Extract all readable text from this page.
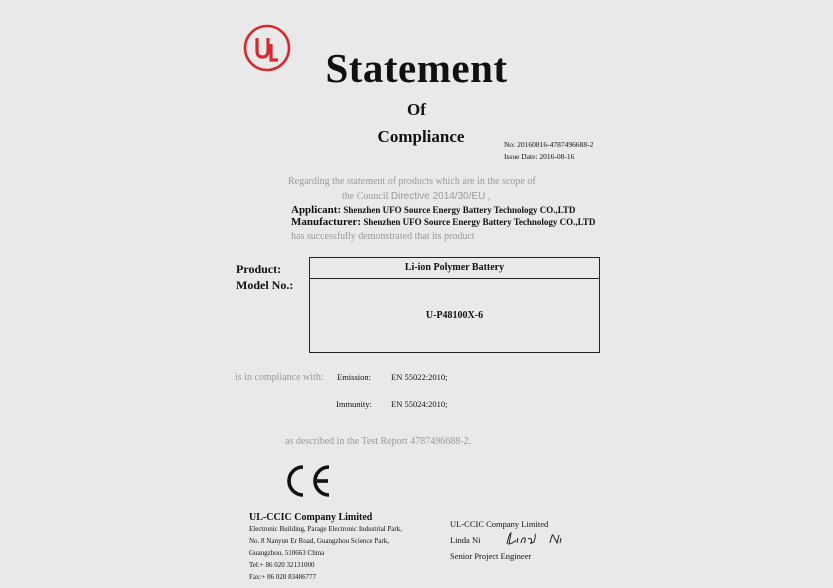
Statement
Of
Compliance	No: 20160816-4787496688-2
Issue Date: 2016-08-16
Regarding the statement of products which are in the scope of
the Council Directive 2014/30/EU ,
Applicant: Shenzhen UFO Source Energy Battery Technology CO.,LTD
Manufacturer: Shenzhen UFO Source Energy Battery Technology CO.,LTD
has successfully demonstrated that its product
Product:
Model No.:
Li-ion Polymer Battery
U-P48100X-6
is in compliance with: Emission: EN 55022:2010;
Immunity: EN 55024:2010;
as described in the Test Report 4787496688-2.
UL-CCIC Company Limited
Electronic Building, Parage Electronic Industrial Park,
No. 8 Nanyun Er Road, Guangzhou Science Park,
Guangzhou, 510663 China
Tel:+ 86 020 32131000
Fax:+ 86 020 83486777
UL-CCIC Company Limited
Linda Ni
Senior Project Engineer
